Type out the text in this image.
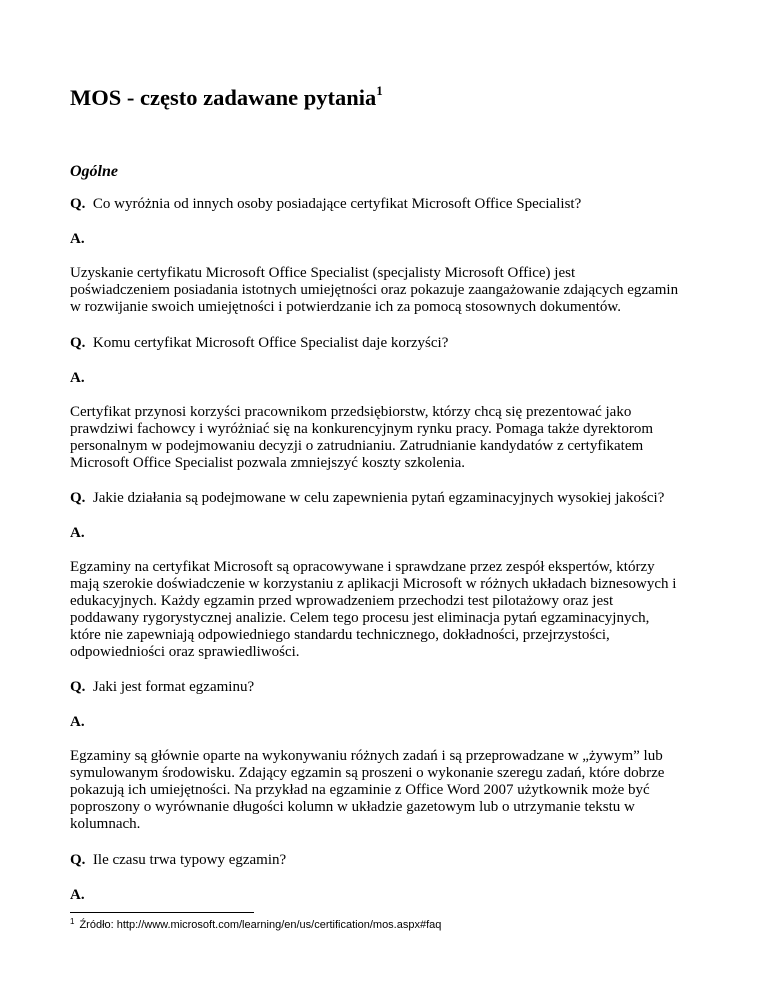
MOS - często zadawane pytania$^1$
Ogólne

Q. Co wyróżnia od innych osoby posiadające certyfikat Microsoft Office Specialist?

A.

Uzyskanie certyfikatu Microsoft Office Specialist (specjalisty Microsoft Office) jest
poświadczeniem posiadania istotnych umiejętności oraz pokazuje zaangażowanie zdających egzamin
w rozwijanie swoich umiejętności i potwierdzanie ich za pomocą stosownych dokumentów.

Q. Komu certyfikat Microsoft Office Specialist daje korzyści?

A.

Certyfikat przynosi korzyści pracownikom przedsiębiorstw, którzy chcą się prezentować jako
prawdziwi fachowcy i wyróżniać się na konkurencyjnym rynku pracy. Pomaga także dyrektorom
personalnym w podejmowaniu decyzji o zatrudnianiu. Zatrudnianie kandydatów z certyfikatem
Microsoft Office Specialist pozwala zmniejszyć koszty szkolenia.

Q. Jakie działania są podejmowane w celu zapewnienia pytań egzaminacyjnych wysokiej jakości?

A.

Egzaminy na certyfikat Microsoft są opracowywane i sprawdzane przez zespół ekspertów, którzy
mają szerokie doświadczenie w korzystaniu z aplikacji Microsoft w różnych układach biznesowych i
edukacyjnych. Każdy egzamin przed wprowadzeniem przechodzi test pilotażowy oraz jest
poddawany rygorystycznej analizie. Celem tego procesu jest eliminacja pytań egzaminacyjnych,
które nie zapewniają odpowiedniego standardu technicznego, dokładności, przejrzystości,
odpowiedniości oraz sprawiedliwości.

Q.  Jaki jest format egzaminu?

A.

Egzaminy są głównie oparte na wykonywaniu różnych zadań i są przeprowadzane w „żywym” lub
symulowanym środowisku. Zdający egzamin są proszeni o wykonanie szeregu zadań, które dobrze
pokazują ich umiejętności. Na przykład na egzaminie z Office Word 2007 użytkownik może być
poproszony o wyrównanie długości kolumn w układzie gazetowym lub o utrzymanie tekstu w
kolumnach.

Q. Ile czasu trwa typowy egzamin?

A.

$^1$ Źródło: http://www.microsoft.com/learning/en/us/certification/mos.aspx#faq
